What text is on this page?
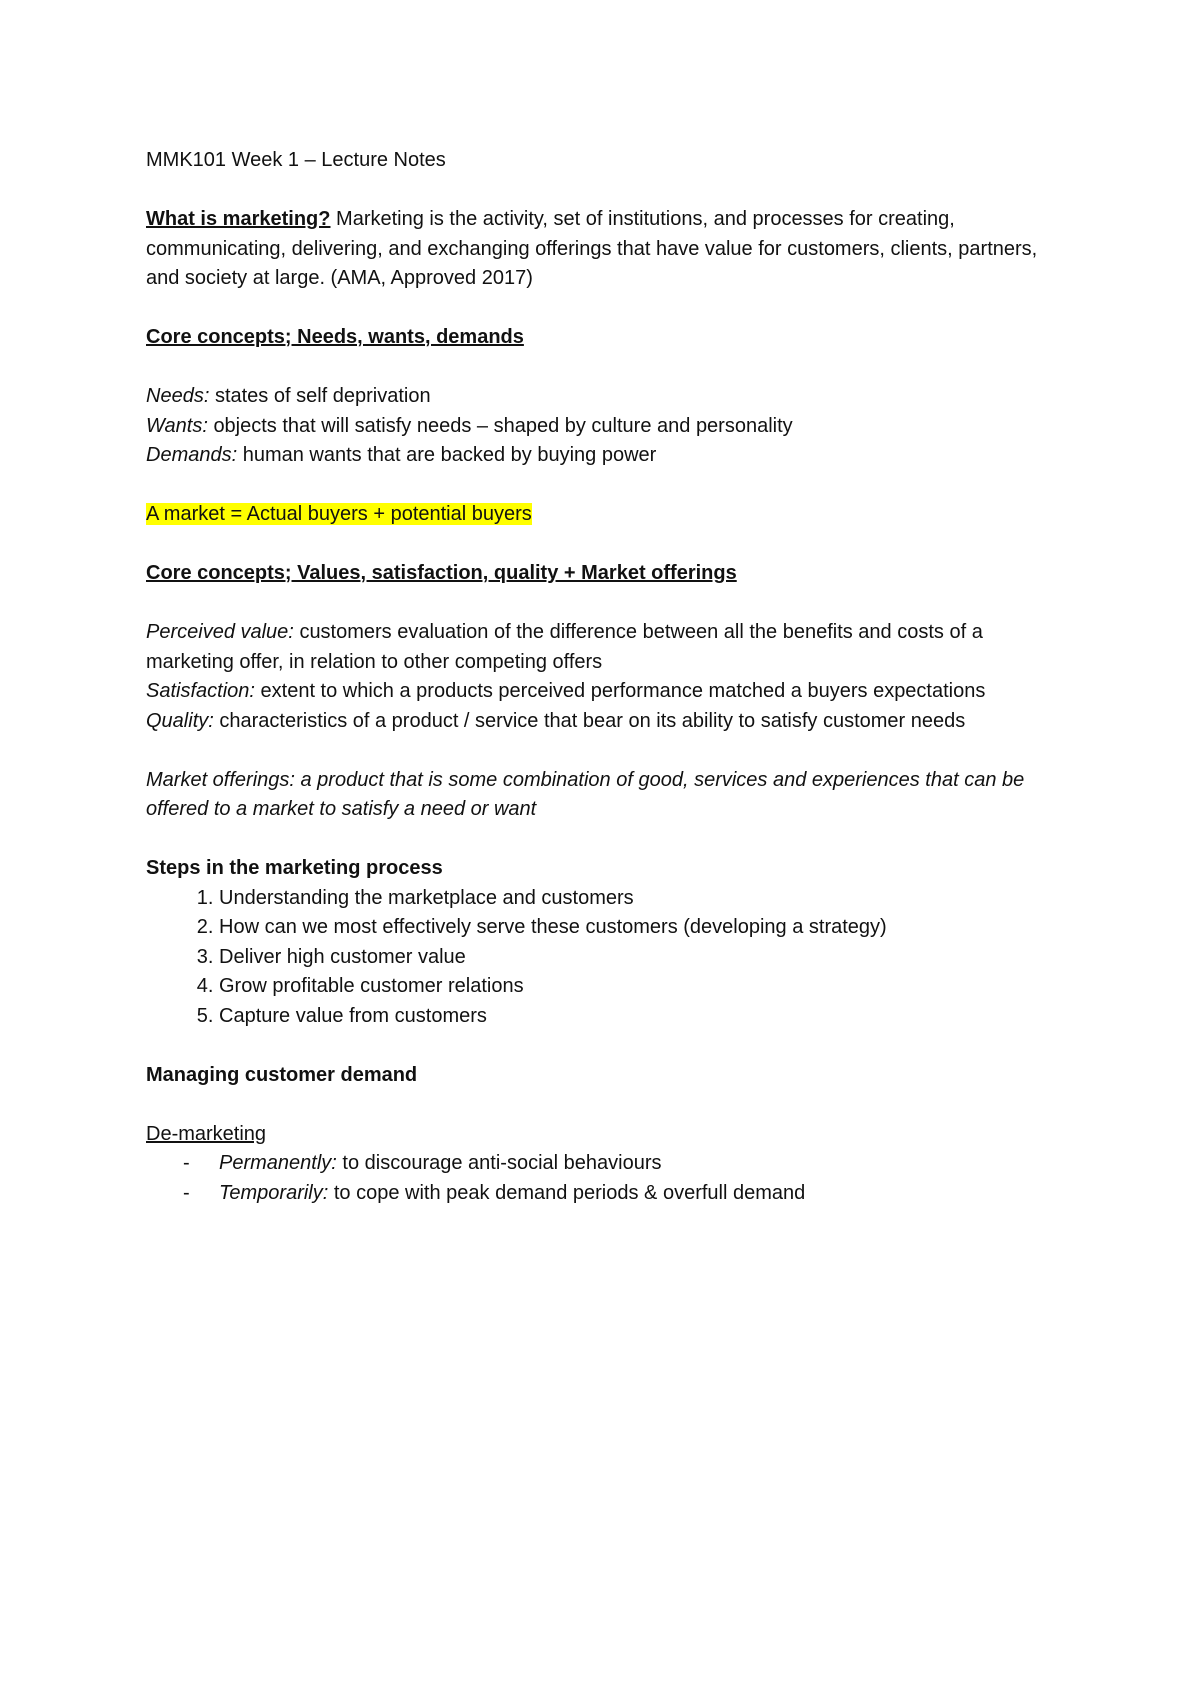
MMK101 Week 1 – Lecture Notes

What is marketing? Marketing is the activity, set of institutions, and processes for creating, communicating, delivering, and exchanging offerings that have value for customers, clients, partners, and society at large. (AMA, Approved 2017)

Core concepts; Needs, wants, demands

Needs: states of self deprivation

Wants: objects that will satisfy needs – shaped by culture and personality

Demands: human wants that are backed by buying power

A market = Actual buyers + potential buyers

Core concepts; Values, satisfaction, quality + Market offerings

Perceived value: customers evaluation of the difference between all the benefits and costs of a marketing offer, in relation to other competing offers

Satisfaction: extent to which a products perceived performance matched a buyers expectations

Quality: characteristics of a product / service that bear on its ability to satisfy customer needs

Market offerings: a product that is some combination of good, services and experiences that can be offered to a market to satisfy a need or want

Steps in the marketing process

1. Understanding the marketplace and customers
2. How can we most effectively serve these customers (developing a strategy)
3. Deliver high customer value
4. Grow profitable customer relations
5. Capture value from customers

Managing customer demand

De-marketing

- Permanently: to discourage anti-social behaviours
- Temporarily: to cope with peak demand periods & overfull demand
